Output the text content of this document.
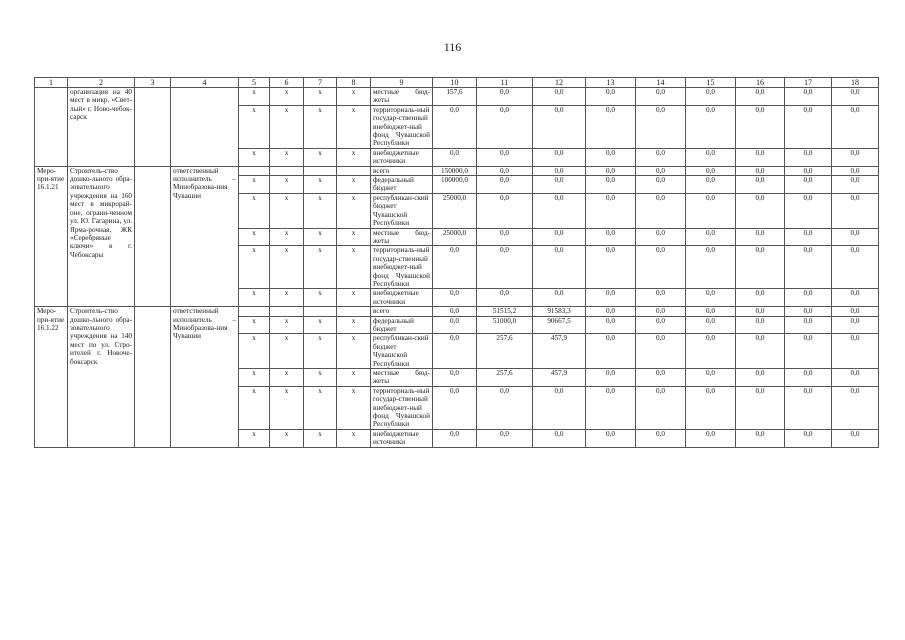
116
1	2	3	4	5	6	7	8	9	10	11	12	13	14	15	16	17	18
	организация на 40 мест в микр. «Свет-лый» г. Ново-чебок-сарск			x	x	x	x	местные бюд-жеты	157,6	0,0	0,0	0,0	0,0	0,0	0,0	0,0	0,0
				x	x	x	x	территориаль-ный государ-ственный внебюджет-ный фонд Чувашской Республики	0,0	0,0	0,0	0,0	0,0	0,0	0,0	0,0	0,0
				x	x	x	x	внебюджетные источники	0,0	0,0	0,0	0,0	0,0	0,0	0,0	0,0	0,0
Меро-при-ятие 16.1.21	Строитель-ство дошко-льного обра-зовательного учреждения на 160 мест в микрорай-оне, ограни-ченном ул. Ю. Гагарина, ул. Ярма-рочная, ЖК «Серебряные ключи» в г. Чебоксары		ответственный исполнитель – Минобразова-ния Чувашии					всего	150000,0	0,0	0,0	0,0	0,0	0,0	0,0	0,0	0,0
				x	x	x	x	федеральный бюджет	100000,0	0,0	0,0	0,0	0,0	0,0	0,0	0,0	0,0
				x	x	x	x	республикан-ский бюджет Чувашской Республики	25000,0	0,0	0,0	0,0	0,0	0,0	0,0	0,0	0,0
				x	x	x	x	местные бюд-жеты	25000,0	0,0	0,0	0,0	0,0	0,0	0,0	0,0	0,0
				x	x	x	x	территориаль-ный государ-ственный внебюджет-ный фонд Чувашской Республики	0,0	0,0	0,0	0,0	0,0	0,0	0,0	0,0	0,0
				x	x	x	x	внебюджетные источники	0,0	0,0	0,0	0,0	0,0	0,0	0,0	0,0	0,0
Меро-при-ятие 16.1.22	Строитель-ство дошко-льного обра-зовательного учреждения на 140 мест по ул. Стро-ителей г. Новоче-боксарск		ответственный исполнитель – Минобразова-ния Чувашии					всего	0,0	51515,2	91583,3	0,0	0,0	0,0	0,0	0,0	0,0
				x	x	x	x	федеральный бюджет	0,0	51000,0	90667,5	0,0	0,0	0,0	0,0	0,0	0,0
				x	x	x	x	республикан-ский бюджет Чувашской Республики	0,0	257,6	457,9	0,0	0,0	0,0	0,0	0,0	0,0
				x	x	x	x	местные бюд-жеты	0,0	257,6	457,9	0,0	0,0	0,0	0,0	0,0	0,0
				x	x	x	x	территориаль-ный государ-ственный внебюджет-ный фонд Чувашской Республики	0,0	0,0	0,0	0,0	0,0	0,0	0,0	0,0	0,0
				x	x	x	x	внебюджетные источники	0,0	0,0	0,0	0,0	0,0	0,0	0,0	0,0	0,0
